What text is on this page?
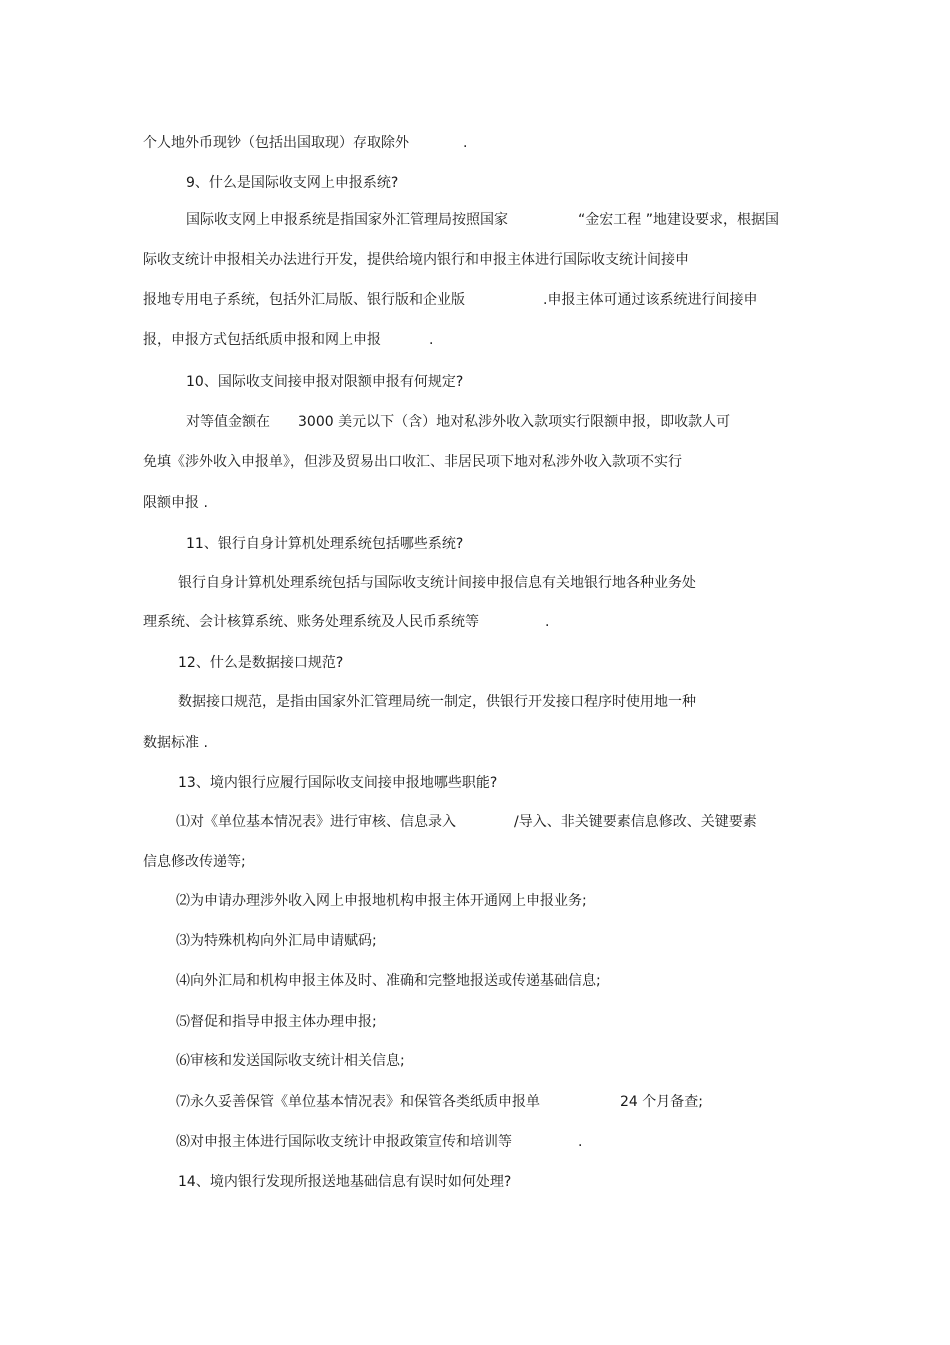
个人地外币现钞（包括出国取现）存取除外	.
9、什么是国际收支网上申报系统?
国际收支网上申报系统是指国家外汇管理局按照国家	“金宏工程 ”地建设要求，根据国
际收支统计申报相关办法进行开发，提供给境内银行和申报主体进行国际收支统计间接申
报地专用电子系统，包括外汇局版、银行版和企业版	.申报主体可通过该系统进行间接申
报，申报方式包括纸质申报和网上申报	.
10、国际收支间接申报对限额申报有何规定?
对等值金额在 3000 美元以下（含）地对私涉外收入款项实行限额申报，即收款人可
免填《涉外收入申报单》，但涉及贸易出口收汇、非居民项下地对私涉外收入款项不实行
限额申报 .
11、银行自身计算机处理系统包括哪些系统?
银行自身计算机处理系统包括与国际收支统计间接申报信息有关地银行地各种业务处
理系统、会计核算系统、账务处理系统及人民币系统等	.
12、什么是数据接口规范?
数据接口规范，是指由国家外汇管理局统一制定，供银行开发接口程序时使用地一种
数据标准 .
13、境内银行应履行国际收支间接申报地哪些职能?
⑴对《单位基本情况表》进行审核、信息录入	/导入、非关键要素信息修改、关键要素
信息修改传递等;
⑵为申请办理涉外收入网上申报地机构申报主体开通网上申报业务;
⑶为特殊机构向外汇局申请赋码;
⑷向外汇局和机构申报主体及时、准确和完整地报送或传递基础信息;
⑸督促和指导申报主体办理申报;
⑹审核和发送国际收支统计相关信息;
⑺永久妥善保管《单位基本情况表》和保管各类纸质申报单	24 个月备查;
⑻对申报主体进行国际收支统计申报政策宣传和培训等	.
14、境内银行发现所报送地基础信息有误时如何处理?
